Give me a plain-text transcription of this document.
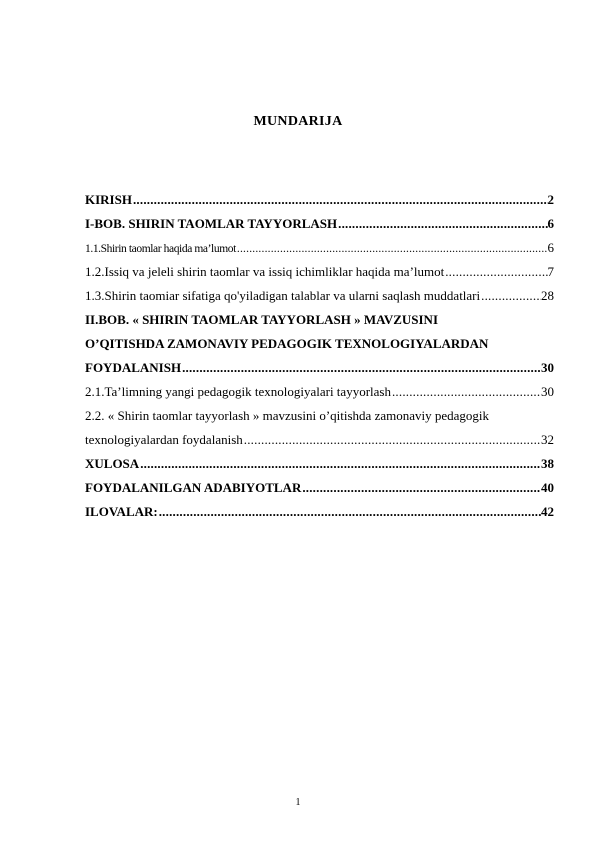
MUNDARIJA
KIRISH .....	2
I-BOB. SHIRIN TAOMLAR TAYYORLASH .....	6
1.1.Shirin taomlar haqida ma’lumot .....	6
1.2.Issiq va jeleli shirin taomlar va issiq ichimliklar haqida ma’lumot .....	7
1.3.Shirin taomiar sifatiga qo'yiladigan talablar va ularni saqlash muddatlari .....	28
II.BOB. « SHIRIN TAOMLAR TAYYORLASH » MAVZUSINI
O’QITISHDA ZAMONAVIY PEDAGOGIK TEXNOLOGIYALARDAN
FOYDALANISH .....	30
2.1.Ta’limning yangi pedagogik texnologiyalari tayyorlash .....	30
2.2. « Shirin taomlar tayyorlash » mavzusini o’qitishda zamonaviy pedagogik
texnologiyalardan foydalanish .....	32
XULOSA .....	38
FOYDALANILGAN ADABIYOTLAR .....	40
ILOVALAR: .....	42
1
